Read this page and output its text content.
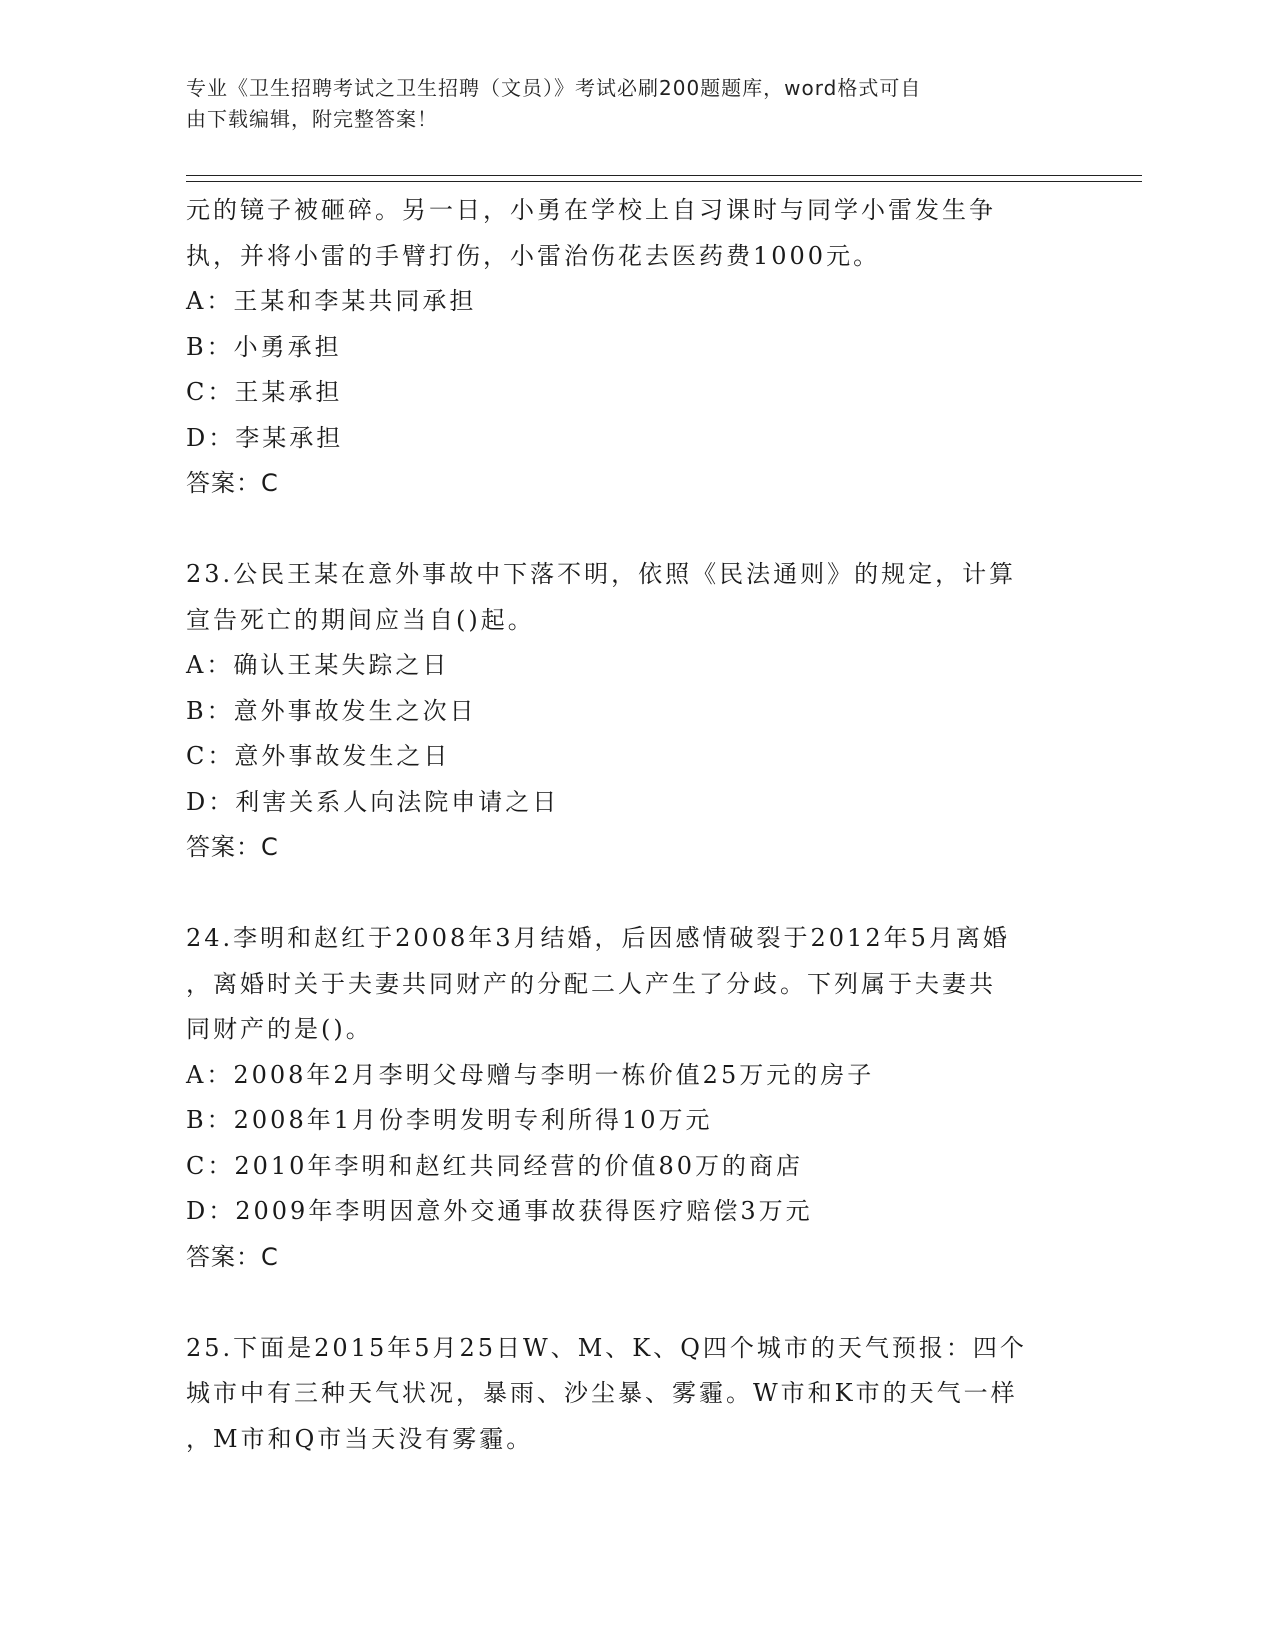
专业《卫生招聘考试之卫生招聘（文员）》考试必刷200题题库，word格式可自
由下载编辑，附完整答案！
元的镜子被砸碎。另一日，小勇在学校上自习课时与同学小雷发生争
执，并将小雷的手臂打伤，小雷治伤花去医药费1000元。
A：王某和李某共同承担
B：小勇承担
C：王某承担
D：李某承担
答案：C
23.公民王某在意外事故中下落不明，依照《民法通则》的规定，计算
宣告死亡的期间应当自()起。
A：确认王某失踪之日
B：意外事故发生之次日
C：意外事故发生之日
D：利害关系人向法院申请之日
答案：C
24.李明和赵红于2008年3月结婚，后因感情破裂于2012年5月离婚
，离婚时关于夫妻共同财产的分配二人产生了分歧。下列属于夫妻共
同财产的是()。
A：2008年2月李明父母赠与李明一栋价值25万元的房子
B：2008年1月份李明发明专利所得10万元
C：2010年李明和赵红共同经营的价值80万的商店
D：2009年李明因意外交通事故获得医疗赔偿3万元
答案：C
25.下面是2015年5月25日W、M、K、Q四个城市的天气预报：四个
城市中有三种天气状况，暴雨、沙尘暴、雾霾。W市和K市的天气一样
，M市和Q市当天没有雾霾。
